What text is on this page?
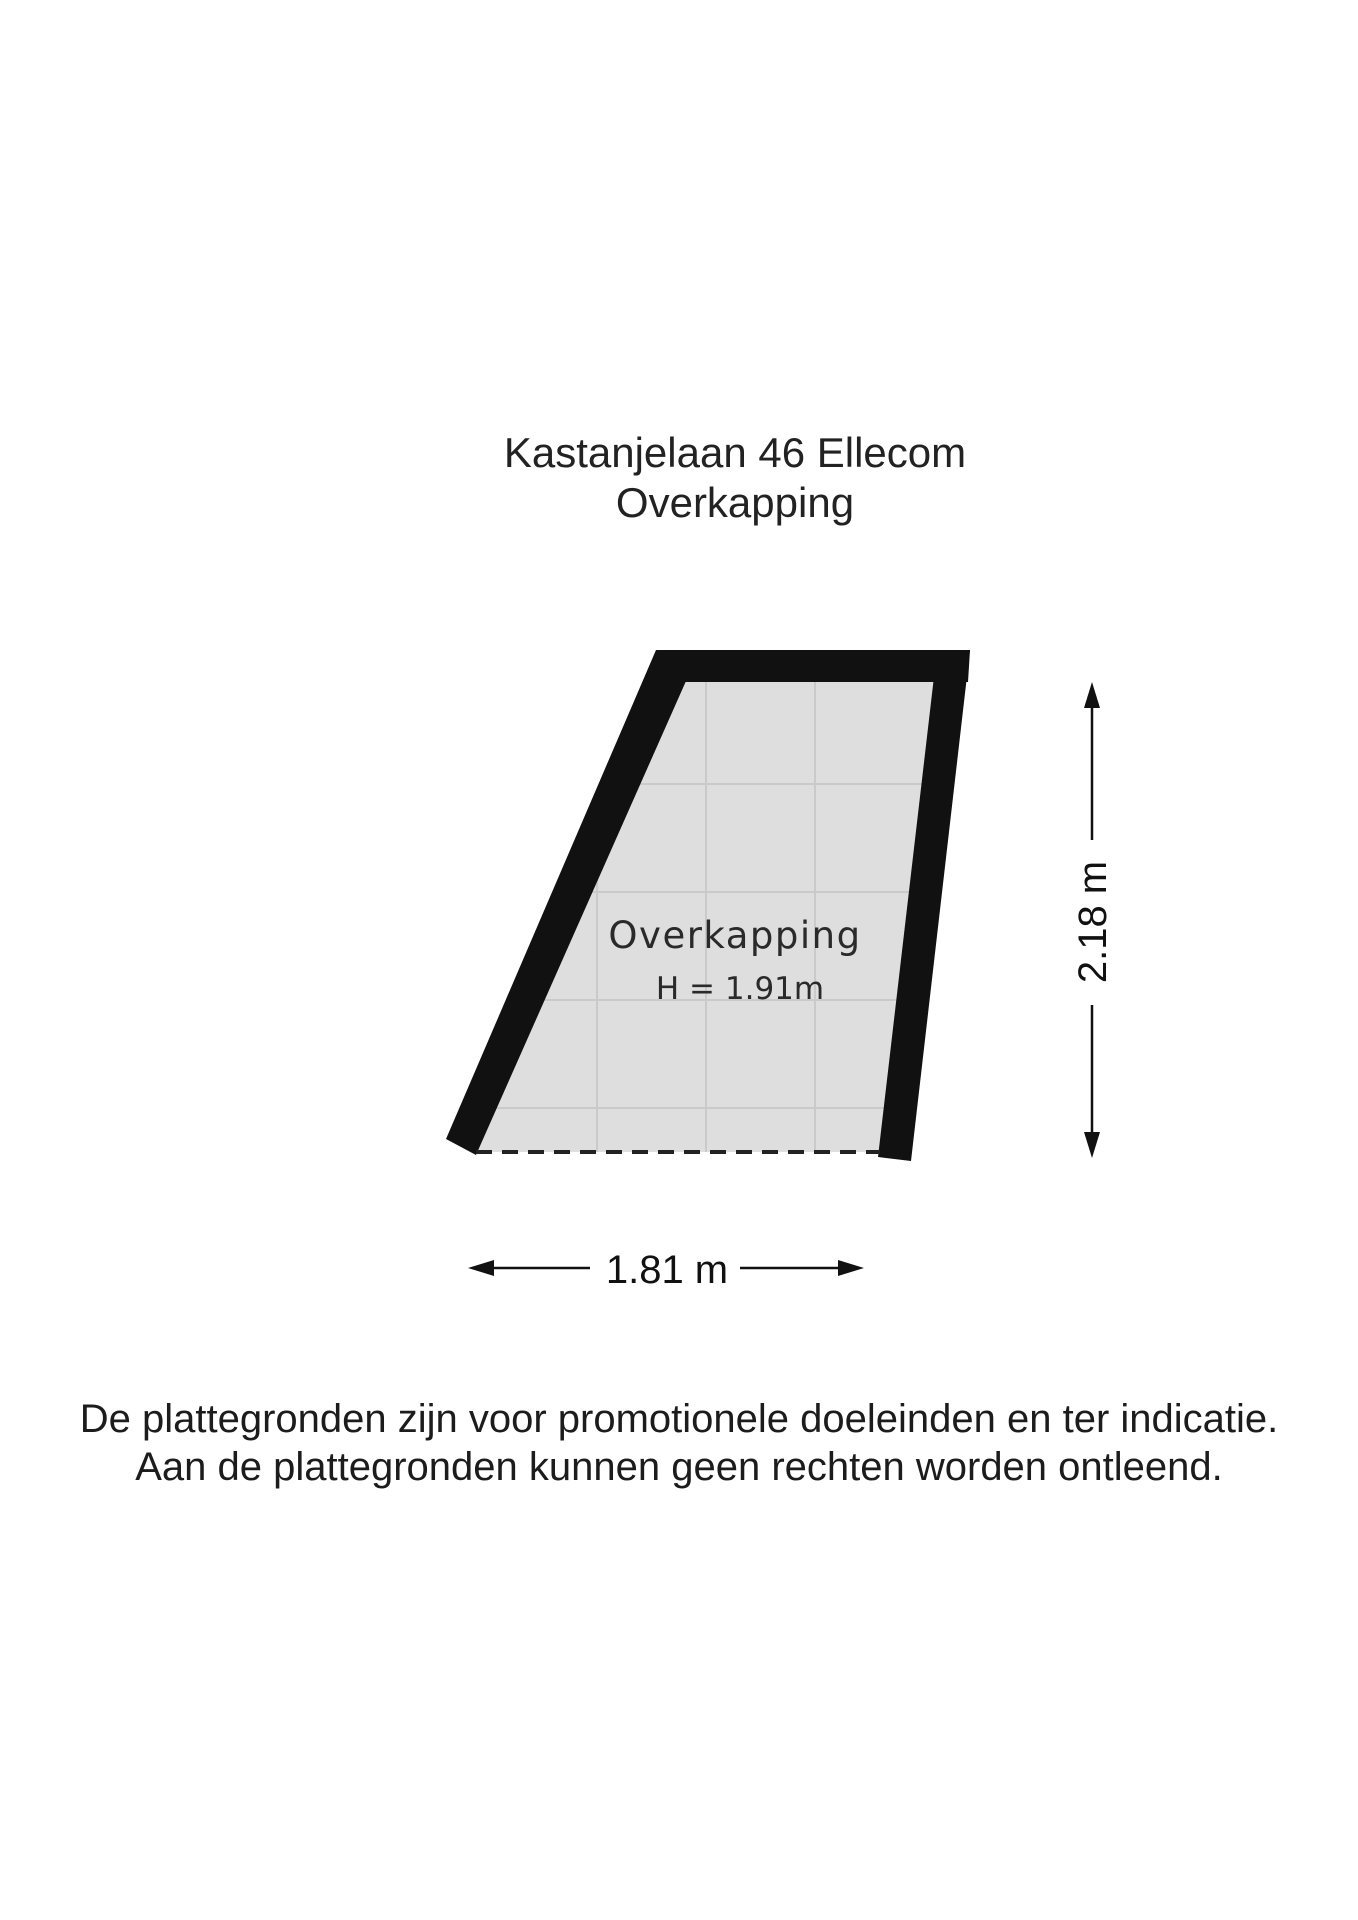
Kastanjelaan 46 Ellecom
Overkapping
Overkapping
H = 1.91m
1.81 m
2.18 m
De plattegronden zijn voor promotionele doeleinden en ter indicatie.
Aan de plattegronden kunnen geen rechten worden ontleend.
